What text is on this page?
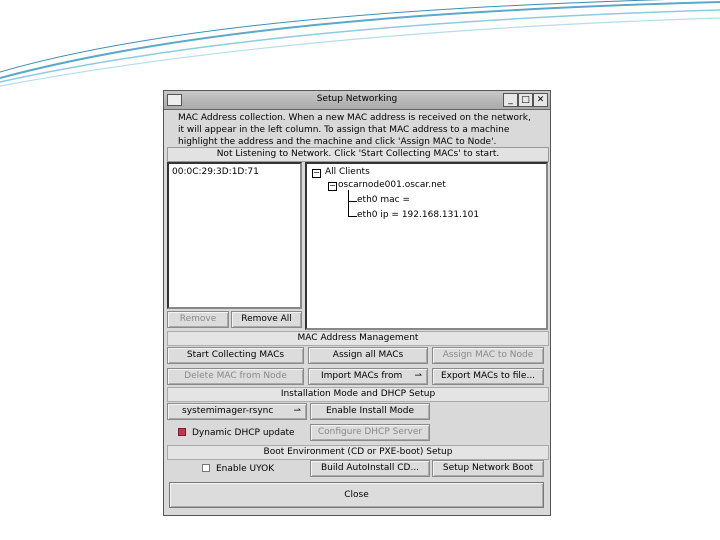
Setup Networking	_ □ ✕
MAC Address collection. When a new MAC address is received on the network,
it will appear in the left column. To assign that MAC address to a machine
highlight the address and the machine and click 'Assign MAC to Node'.
Not Listening to Network. Click 'Start Collecting MACs' to start.
00:0C:29:3D:1D:71
Remove	Remove All
− All Clients
− oscarnode001.oscar.net
eth0 mac =
eth0 ip = 192.168.131.101
MAC Address Management
Start Collecting MACs	Assign all MACs	Assign MAC to Node
Delete MAC from Node	Import MACs from ⇀	Export MACs to file...
Installation Mode and DHCP Setup
systemimager-rsync ⇀	Enable Install Mode
Dynamic DHCP update	Configure DHCP Server
Boot Environment (CD or PXE-boot) Setup
Enable UYOK	Build AutoInstall CD...	Setup Network Boot
Close
